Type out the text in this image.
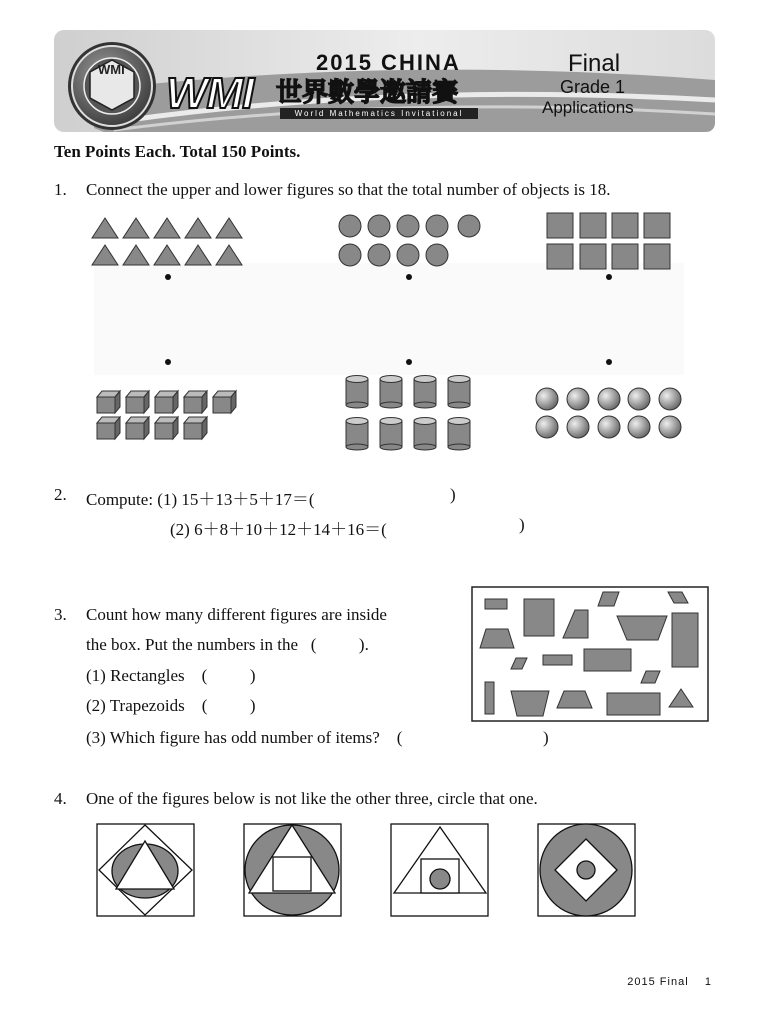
WMI	2015 CHINA
WMI 世界數學邀請賽
World Mathematics Invitational
Final
Grade 1
Applications
Ten Points Each. Total 150 Points.
1. Connect the upper and lower figures so that the total number of objects is 18.
2. Compute: (1) 15＋13＋5＋17＝(	)
(2) 6＋8＋10＋12＋14＋16＝(	)
3. Count how many different figures are inside
the box. Put the numbers in the   (          ).
(1) Rectangles    (          )
(2) Trapezoids    (          )
(3) Which figure has odd number of items?    (	)
4. One of the figures below is not like the other three, circle that one.
2015 Final    1
